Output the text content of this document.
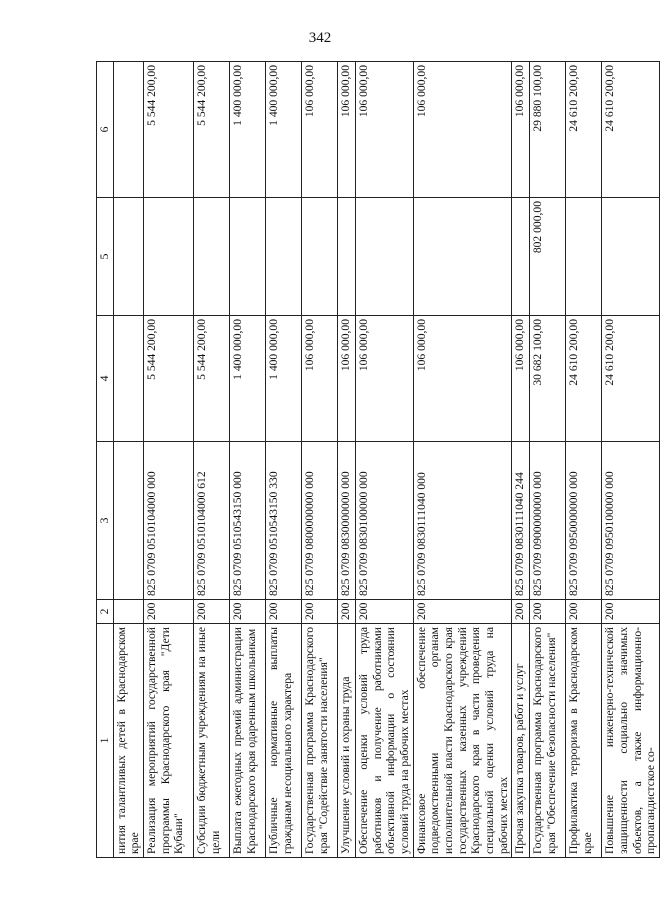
342
1	2	3	4	5	6
нития талантливых детей в Краснодарском крае					
Реализация мероприятий государственной программы Краснодарского края "Дети Кубани"	200	825 0709 0510104000 000	5 544 200,00		5 544 200,00
Субсидии бюджетным учреждениям на иные цели	200	825 0709 0510104000 612	5 544 200,00		5 544 200,00
Выплата ежегодных премий администрации Краснодарского края одаренным школьникам	200	825 0709 0510543150 000	1 400 000,00		1 400 000,00
Публичные нормативные выплаты гражданам несоциального характера	200	825 0709 0510543150 330	1 400 000,00		1 400 000,00
Государственная программа Краснодарского края "Содействие занятости населения"	200	825 0709 0800000000 000	106 000,00		106 000,00
Улучшение условий и охраны труда	200	825 0709 0830000000 000	106 000,00		106 000,00
Обеспечение оценки условий труда работников и получение работниками объективной информации о состоянии условий труда на рабочих местах	200	825 0709 0830100000 000	106 000,00		106 000,00
Финансовое обеспечение подведомственными органам исполнительной власти Краснодарского края государственных казенных учреждений Краснодарского края в части проведения специальной оценки условий труда на рабочих местах	200	825 0709 0830111040 000	106 000,00		106 000,00
Прочая закупка товаров, работ и услуг	200	825 0709 0830111040 244	106 000,00		106 000,00
Государственная программа Краснодарского края "Обеспечение безопасности населения"	200	825 0709 0900000000 000	30 682 100,00	802 000,00	29 880 100,00
Профилактика терроризма в Краснодарском крае	200	825 0709 0950000000 000	24 610 200,00		24 610 200,00
Повышение инженерно-технической защищенности социально значимых объектов, а также информационно-пропагандистское со-	200	825 0709 0950100000 000	24 610 200,00		24 610 200,00
